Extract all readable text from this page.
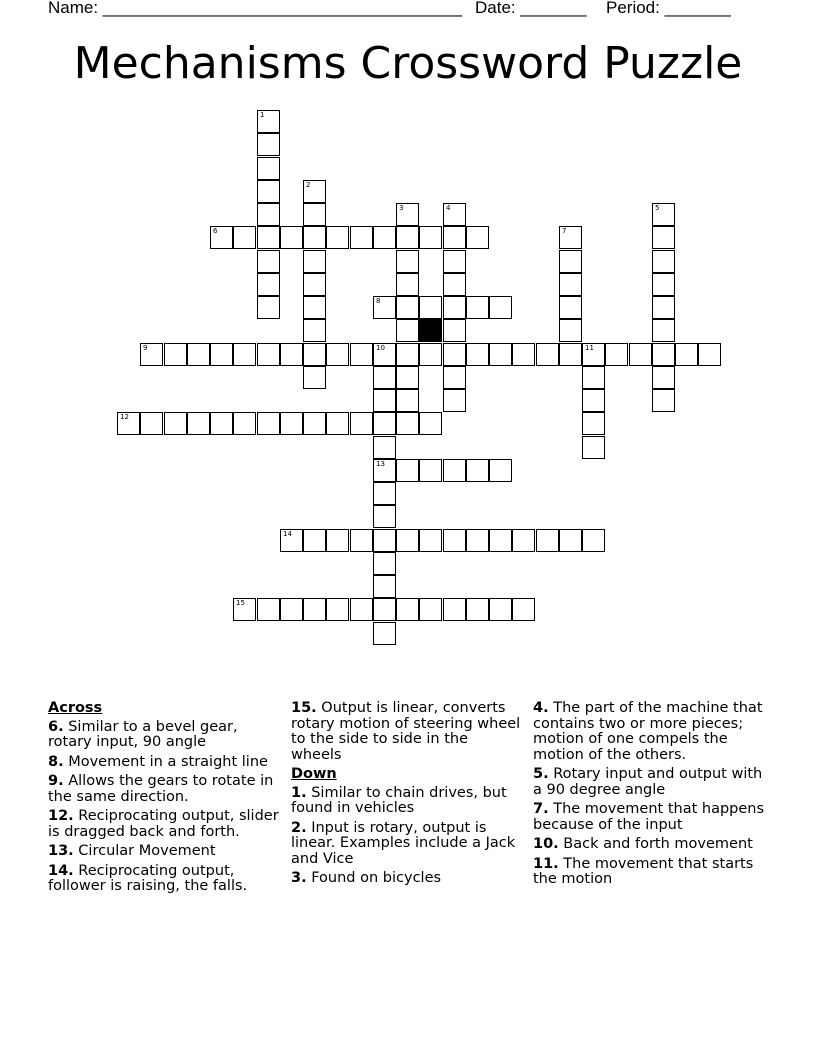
Name: ______________________________________ Date: _______ Period: _______
Mechanisms Crossword Puzzle
1
2
3	4	5
6	7
8
9	10	11
13
12
14
15
Across
6. Similar to a bevel gear, rotary input, 90 angle
8. Movement in a straight line
9. Allows the gears to rotate in the same direction.
12. Reciprocating output, slider is dragged back and forth.
13. Circular Movement
14. Reciprocating output, follower is raising, the falls.
15. Output is linear, converts rotary motion of steering wheel to the side to side in the wheels
Down
1. Similar to chain drives, but found in vehicles
2. Input is rotary, output is linear. Examples include a Jack and Vice
3. Found on bicycles
4. The part of the machine that contains two or more pieces; motion of one compels the motion of the others.
5. Rotary input and output with a 90 degree angle
7. The movement that happens because of the input
10. Back and forth movement
11. The movement that starts the motion
